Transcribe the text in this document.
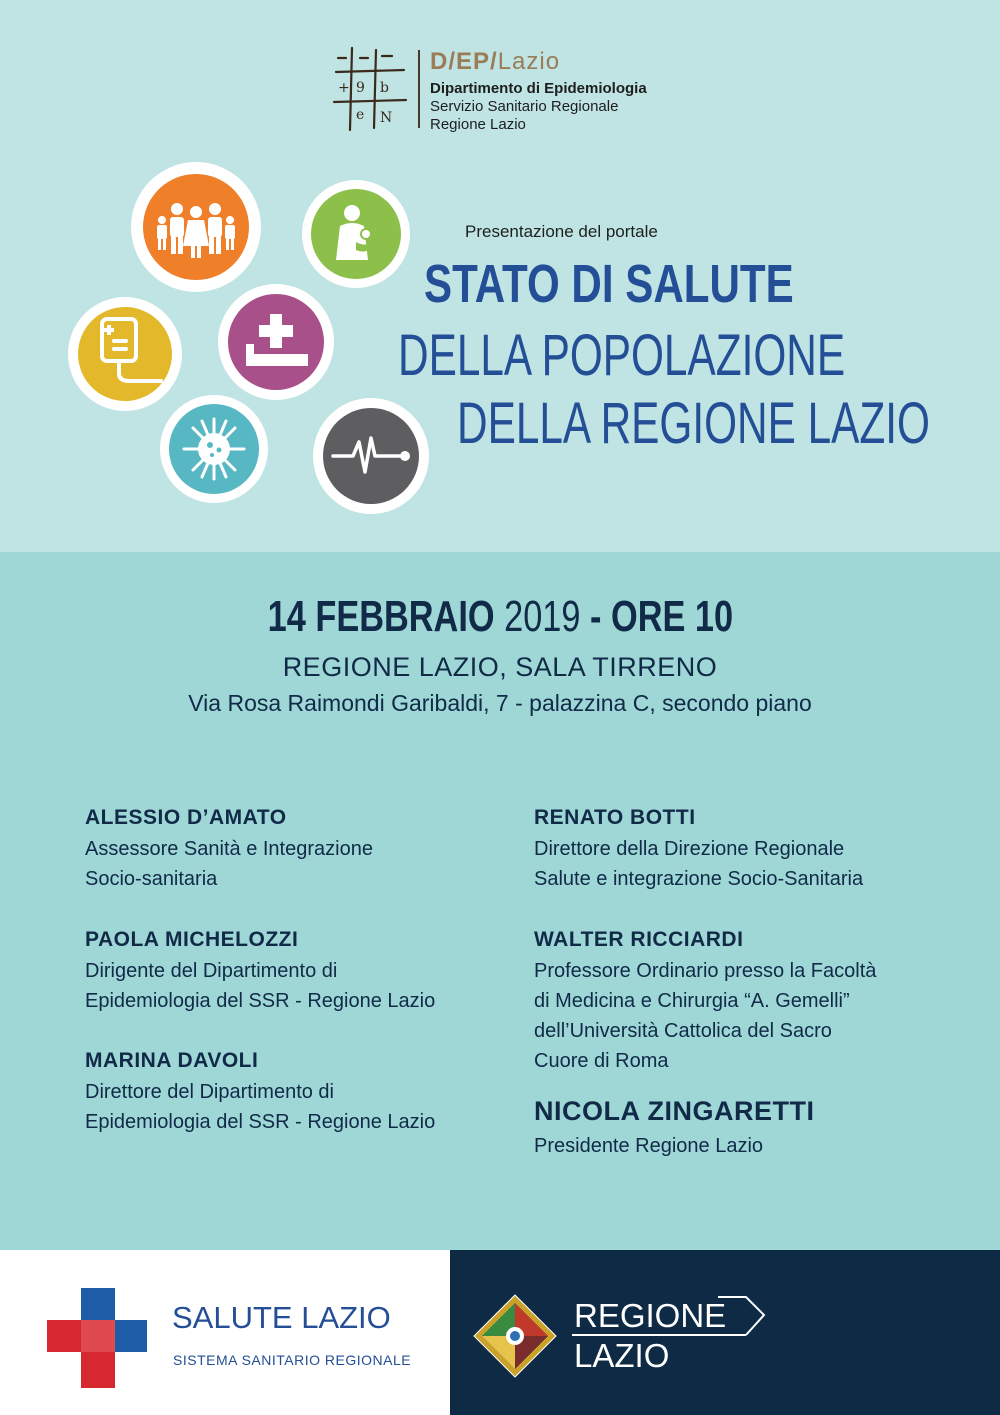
+ 9 b
e N
D/EP/Lazio
Dipartimento di Epidemiologia
Servizio Sanitario Regionale
Regione Lazio
Presentazione del portale
STATO DI SALUTE
DELLA POPOLAZIONE
DELLA REGIONE LAZIO
14 FEBBRAIO 2019 - ORE 10
REGIONE LAZIO, SALA TIRRENO
Via Rosa Raimondi Garibaldi, 7 - palazzina C, secondo piano
ALESSIO D’AMATO
Assessore Sanità e Integrazione
Socio-sanitaria
PAOLA MICHELOZZI
Dirigente del Dipartimento di
Epidemiologia del SSR - Regione Lazio
MARINA DAVOLI
Direttore del Dipartimento di
Epidemiologia del SSR - Regione Lazio
RENATO BOTTI
Direttore della Direzione Regionale
Salute e integrazione Socio-Sanitaria
WALTER RICCIARDI
Professore Ordinario presso la Facoltà
di Medicina e Chirurgia “A. Gemelli”
dell’Università Cattolica del Sacro
Cuore di Roma
NICOLA ZINGARETTI
Presidente Regione Lazio
SALUTE LAZIO
SISTEMA SANITARIO REGIONALE
REGIONE
LAZIO
